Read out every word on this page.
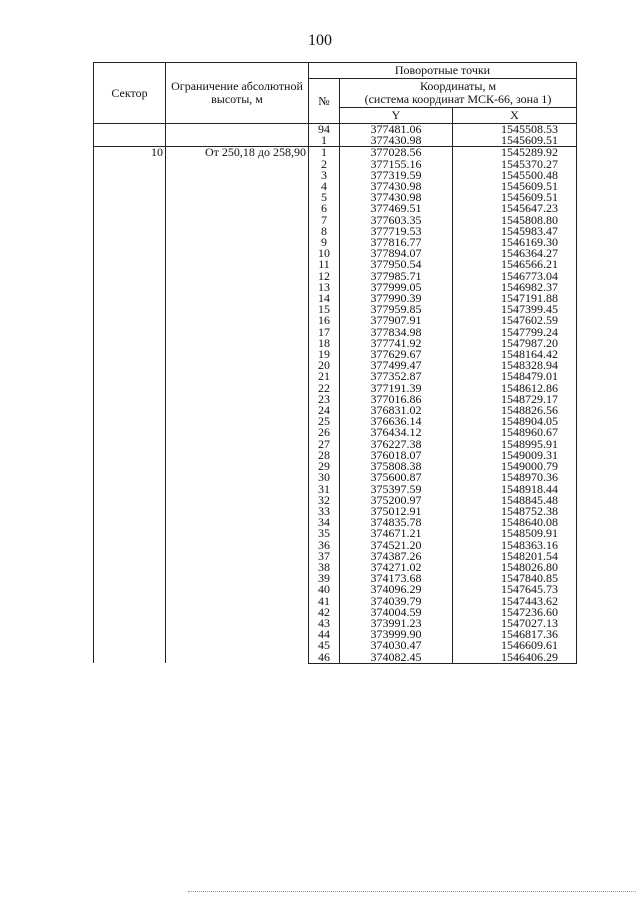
100
Сектор	Ограничение абсолютной высоты, м	Поворотные точки		
		№	Координаты, м
(система координат МСК-66, зона 1)	

			Y	X
		94	377481.06	1545508.53
		1	377430.98	1545609.51
10	От 250,18 до 258,90	1	377028.56	1545289.92
		2	377155.16	1545370.27
		3	377319.59	1545500.48
		4	377430.98	1545609.51
		5	377430.98	1545609.51
		6	377469.51	1545647.23
		7	377603.35	1545808.80
		8	377719.53	1545983.47
		9	377816.77	1546169.30
		10	377894.07	1546364.27
		11	377950.54	1546566.21
		12	377985.71	1546773.04
		13	377999.05	1546982.37
		14	377990.39	1547191.88
		15	377959.85	1547399.45
		16	377907.91	1547602.59
		17	377834.98	1547799.24
		18	377741.92	1547987.20
		19	377629.67	1548164.42
		20	377499.47	1548328.94
		21	377352.87	1548479.01
		22	377191.39	1548612.86
		23	377016.86	1548729.17
		24	376831.02	1548826.56
		25	376636.14	1548904.05
		26	376434.12	1548960.67
		27	376227.38	1548995.91
		28	376018.07	1549009.31
		29	375808.38	1549000.79
		30	375600.87	1548970.36
		31	375397.59	1548918.44
		32	375200.97	1548845.48
		33	375012.91	1548752.38
		34	374835.78	1548640.08
		35	374671.21	1548509.91
		36	374521.20	1548363.16
		37	374387.26	1548201.54
		38	374271.02	1548026.80
		39	374173.68	1547840.85
		40	374096.29	1547645.73
		41	374039.79	1547443.62
		42	374004.59	1547236.60
		43	373991.23	1547027.13
		44	373999.90	1546817.36
		45	374030.47	1546609.61
		46	374082.45	1546406.29
